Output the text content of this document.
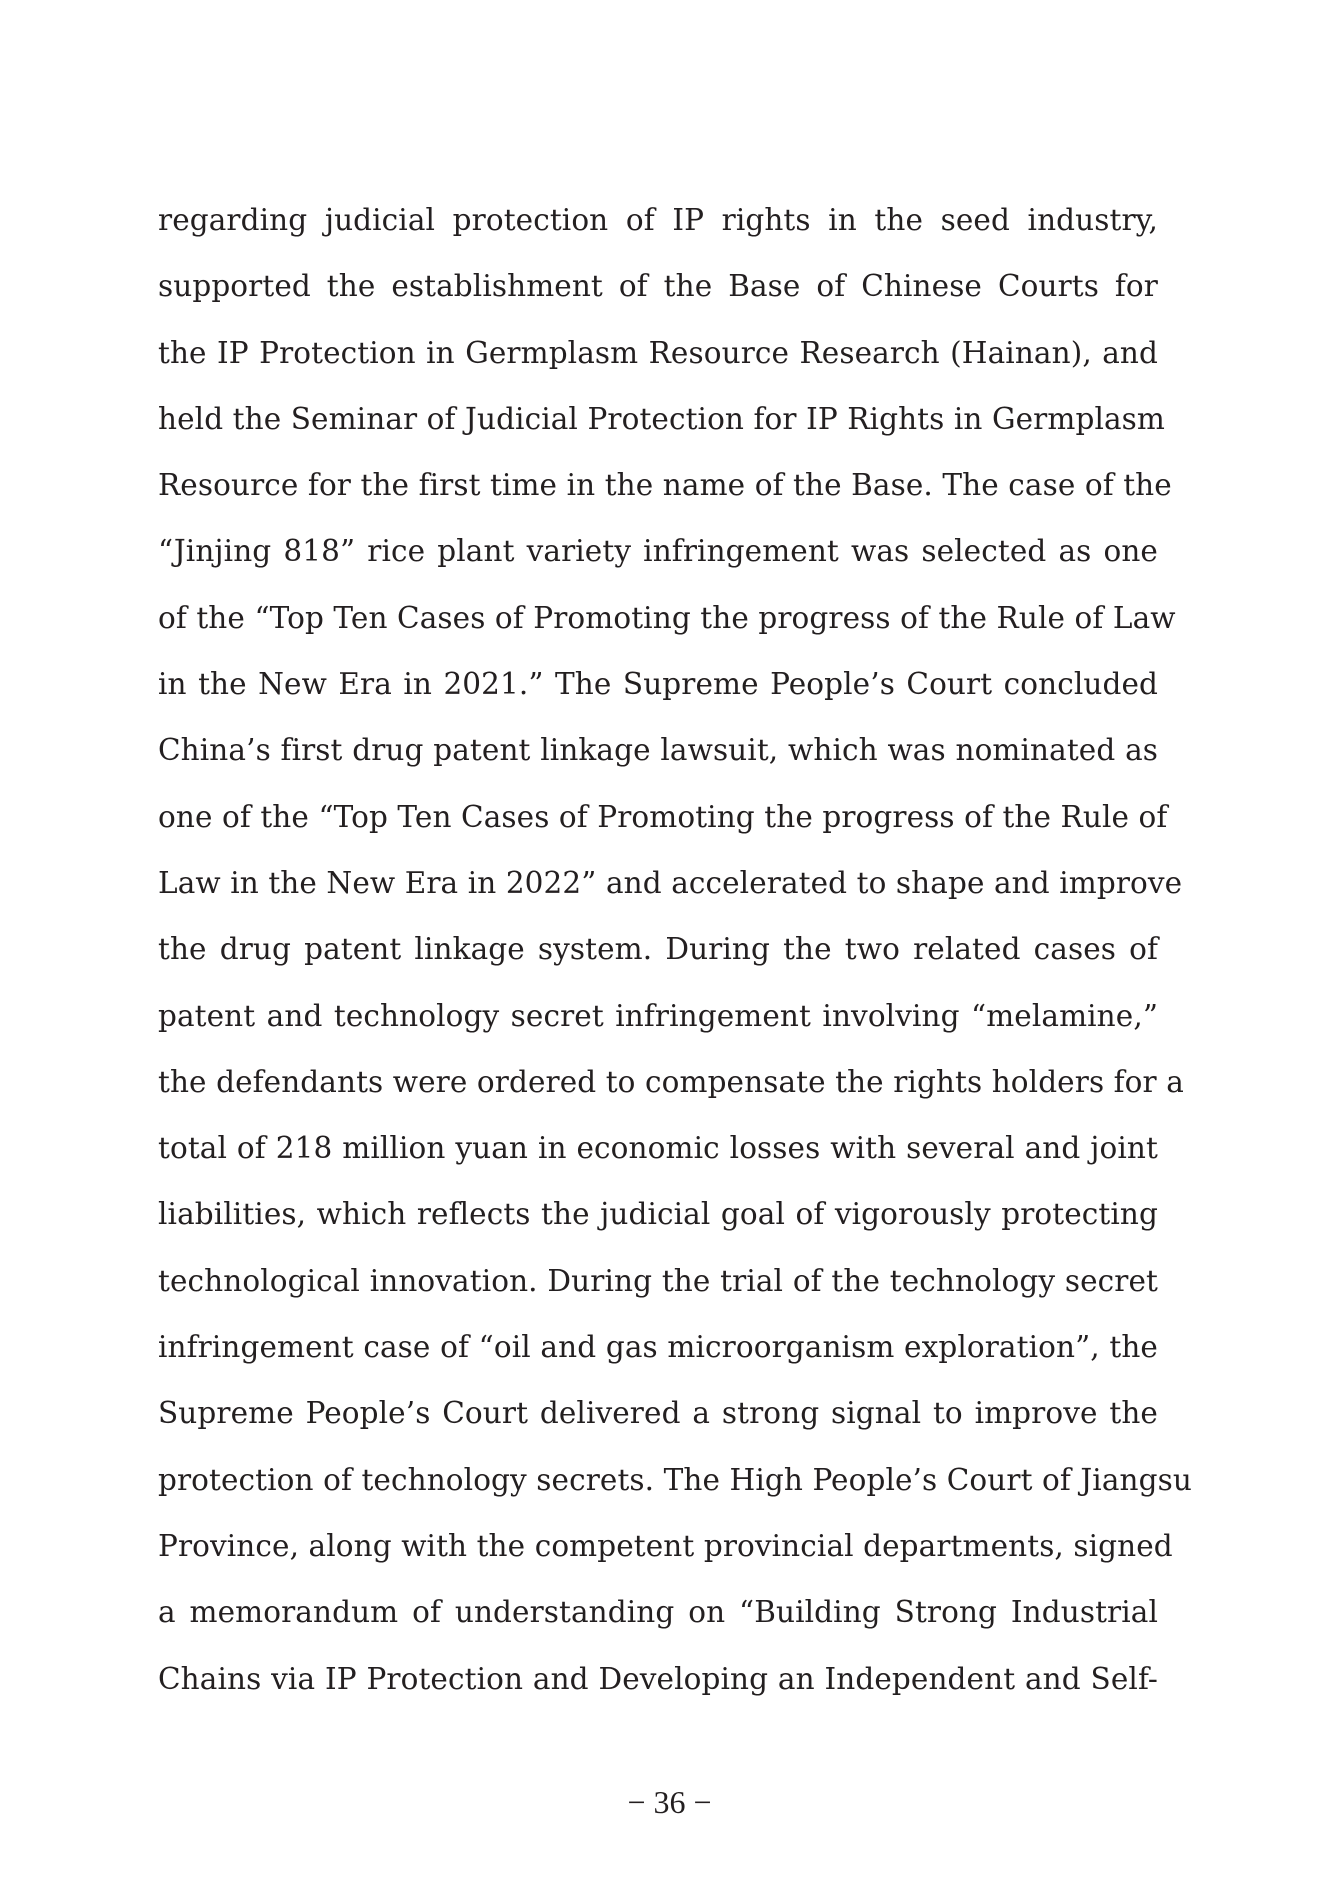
regarding judicial protection of IP rights in the seed industry,
supported the establishment of the Base of Chinese Courts for
the IP Protection in Germplasm Resource Research (Hainan), and
held the Seminar of Judicial Protection for IP Rights in Germplasm
Resource for the first time in the name of the Base. The case of the
“Jinjing 818” rice plant variety infringement was selected as one
of the “Top Ten Cases of Promoting the progress of the Rule of Law
in the New Era in 2021.” The Supreme People’s Court concluded
China’s first drug patent linkage lawsuit, which was nominated as
one of the “Top Ten Cases of Promoting the progress of the Rule of
Law in the New Era in 2022” and accelerated to shape and improve
the drug patent linkage system. During the two related cases of
patent and technology secret infringement involving “melamine,”
the defendants were ordered to compensate the rights holders for a
total of 218 million yuan in economic losses with several and joint
liabilities, which reflects the judicial goal of vigorously protecting
technological innovation. During the trial of the technology secret
infringement case of “oil and gas microorganism exploration”, the
Supreme People’s Court delivered a strong signal to improve the
protection of technology secrets. The High People’s Court of Jiangsu
Province, along with the competent provincial departments, signed
a memorandum of understanding on “Building Strong Industrial
Chains via IP Protection and Developing an Independent and Self-
− 36 −
